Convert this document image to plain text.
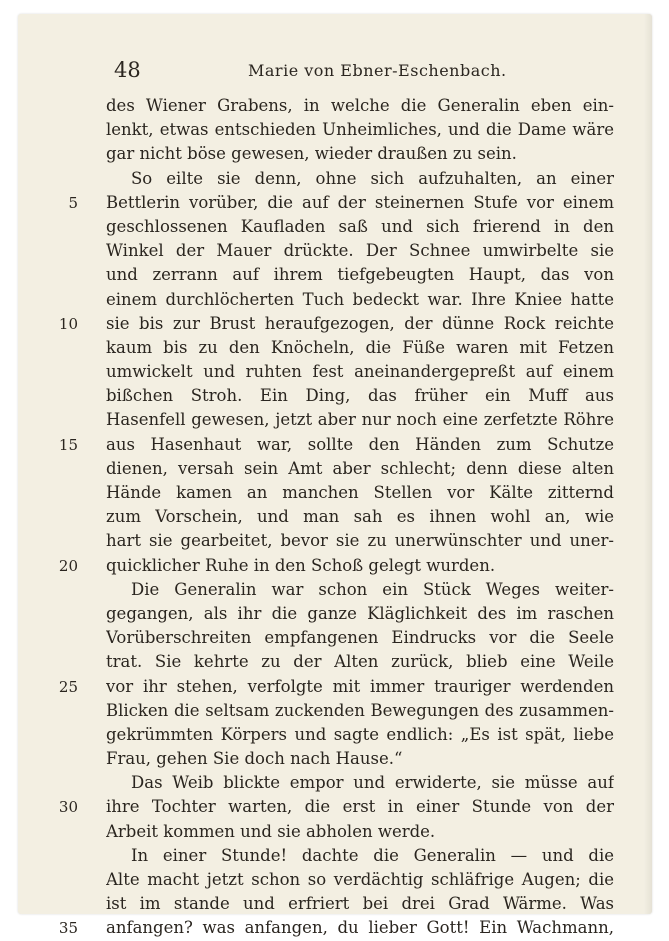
48	Marie von Ebner-Eschenbach.
des Wiener Grabens, in welche die Generalin eben ein-
lenkt, etwas entschieden Unheimliches, und die Dame wäre
gar nicht böse gewesen, wieder draußen zu sein.
So eilte sie denn, ohne sich aufzuhalten, an einer
5 Bettlerin vorüber, die auf der steinernen Stufe vor einem
geschlossenen Kaufladen saß und sich frierend in den
Winkel der Mauer drückte. Der Schnee umwirbelte sie
und zerrann auf ihrem tiefgebeugten Haupt, das von
einem durchlöcherten Tuch bedeckt war. Ihre Kniee hatte
10 sie bis zur Brust heraufgezogen, der dünne Rock reichte
kaum bis zu den Knöcheln, die Füße waren mit Fetzen
umwickelt und ruhten fest aneinandergepreßt auf einem
bißchen Stroh. Ein Ding, das früher ein Muff aus
Hasenfell gewesen, jetzt aber nur noch eine zerfetzte Röhre
15 aus Hasenhaut war, sollte den Händen zum Schutze
dienen, versah sein Amt aber schlecht; denn diese alten
Hände kamen an manchen Stellen vor Kälte zitternd
zum Vorschein, und man sah es ihnen wohl an, wie
hart sie gearbeitet, bevor sie zu unerwünschter und uner-
20 quicklicher Ruhe in den Schoß gelegt wurden.
Die Generalin war schon ein Stück Weges weiter-
gegangen, als ihr die ganze Kläglichkeit des im raschen
Vorüberschreiten empfangenen Eindrucks vor die Seele
trat. Sie kehrte zu der Alten zurück, blieb eine Weile
25 vor ihr stehen, verfolgte mit immer trauriger werdenden
Blicken die seltsam zuckenden Bewegungen des zusammen-
gekrümmten Körpers und sagte endlich: „Es ist spät, liebe
Frau, gehen Sie doch nach Hause.“
Das Weib blickte empor und erwiderte, sie müsse auf
30 ihre Tochter warten, die erst in einer Stunde von der
Arbeit kommen und sie abholen werde.
In einer Stunde! dachte die Generalin — und die
Alte macht jetzt schon so verdächtig schläfrige Augen; die
ist im stande und erfriert bei drei Grad Wärme. Was
35 anfangen? was anfangen, du lieber Gott! Ein Wachmann,
